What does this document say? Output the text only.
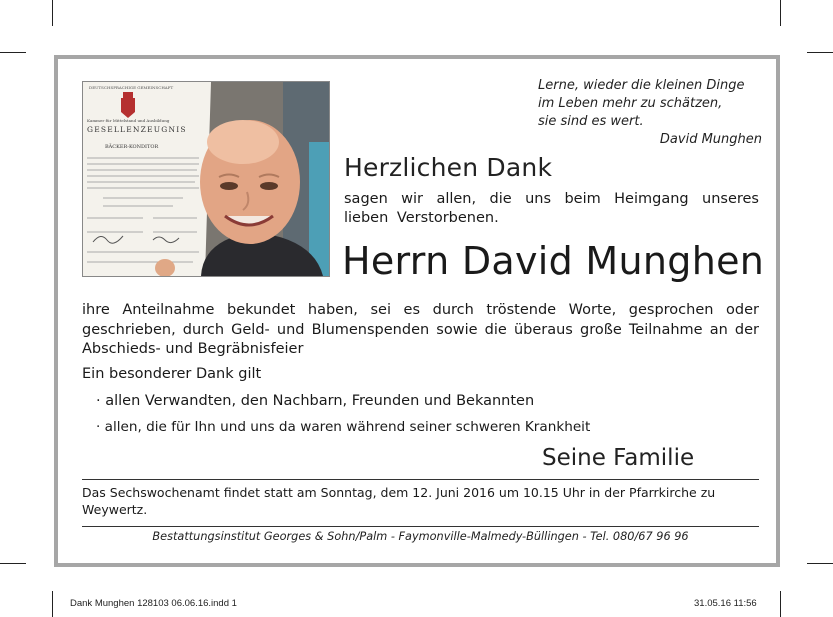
DEUTSCHSPRACHIGE GEMEINSCHAFT
Kammer für Mittelstand und Ausbildung
GESELLENZEUGNIS
BÄCKER-KONDITOR
Lerne, wieder die kleinen Dinge
im Leben mehr zu schätzen,
sie sind es wert.
David Munghen
Herzlichen Dank
sagen wir allen, die uns beim Heimgang unseres lieben Verstorbenen.
Herrn David Munghen
ihre Anteilnahme bekundet haben, sei es durch tröstende Worte, gesprochen oder geschrieben, durch Geld- und Blumenspenden sowie die überaus große Teilnahme an der Abschieds- und Begräbnisfeier
Ein besonderer Dank gilt
· allen Verwandten, den Nachbarn, Freunden und Bekannten
· allen, die für Ihn und uns da waren während seiner schweren Krankheit
Seine Familie
Das Sechswochenamt findet statt am Sonntag, dem 12. Juni 2016 um 10.15 Uhr in der Pfarrkirche zu Weywertz.
Bestattungsinstitut Georges & Sohn/Palm - Faymonville-Malmedy-Büllingen - Tel. 080/67 96 96
Dank Munghen 128103 06.06.16.indd 1	31.05.16 11:56
